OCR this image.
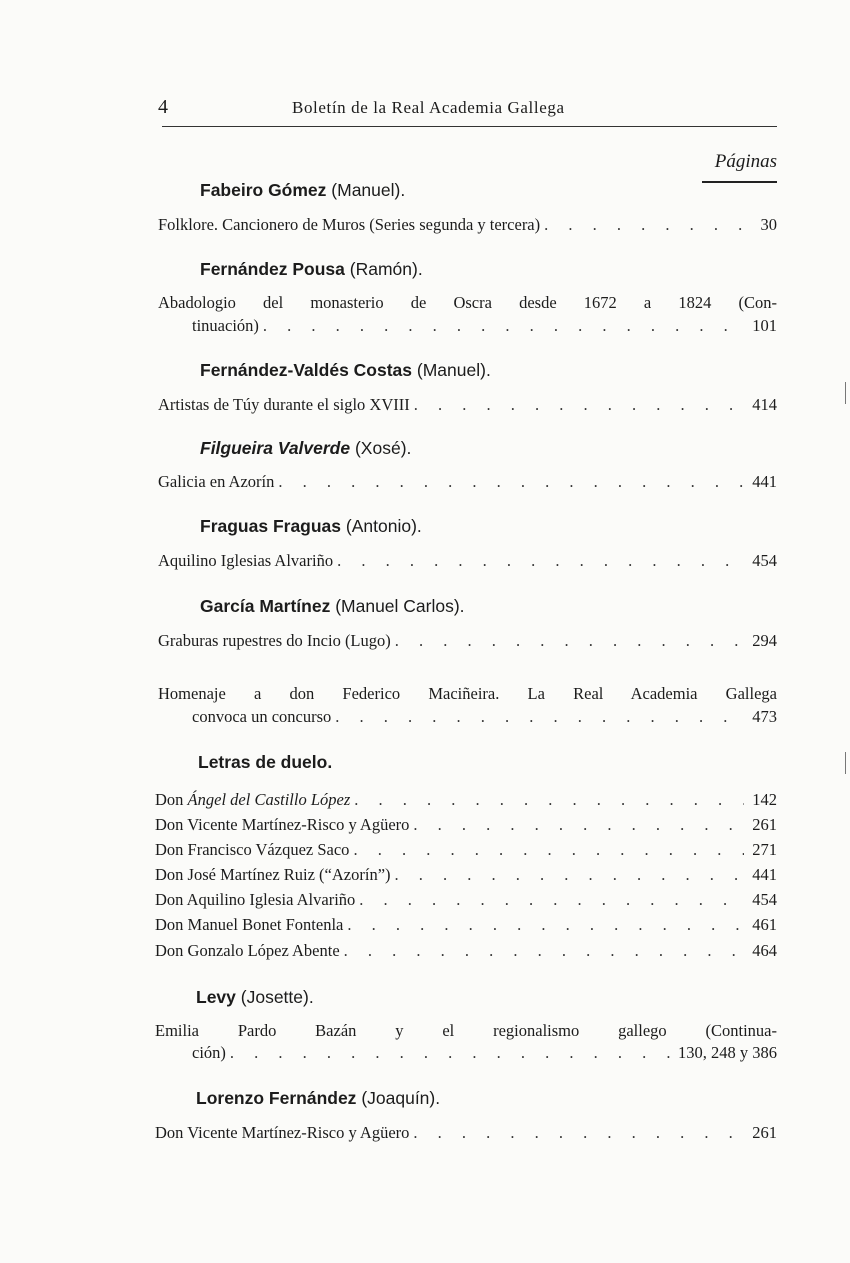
4	Boletín de la Real Academia Gallega
Páginas
Fabeiro Gómez (Manuel).
Folklore. Cancionero de Muros (Series segunda y tercera) . . .	30
Fernández Pousa (Ramón).
Abadologio del monasterio de Oscra desde 1672 a 1824 (Con-
tinuación) . . .	101
Fernández-Valdés Costas (Manuel).
Artistas de Túy durante el siglo XVIII . . .	414
Filgueira Valverde (Xosé).
Galicia en Azorín . . .	441
Fraguas Fraguas (Antonio).
Aquilino Iglesias Alvariño . . .	454
García Martínez (Manuel Carlos).
Graburas rupestres do Incio (Lugo) . . .	294
Homenaje a don Federico Maciñeira. La Real Academia Gallega
convoca un concurso . . .	473
Letras de duelo.
Don Ángel del Castillo López . . .	142
Don Vicente Martínez-Risco y Agüero . . .	261
Don Francisco Vázquez Saco . . .	271
Don José Martínez Ruiz (“Azorín”) . . .	441
Don Aquilino Iglesia Alvariño . . .	454
Don Manuel Bonet Fontenla . . .	461
Don Gonzalo López Abente . . .	464
Levy (Josette).
Emilia Pardo Bazán y el regionalismo gallego (Continua-
ción) . . .	130, 248 y 386
Lorenzo Fernández (Joaquín).
Don Vicente Martínez-Risco y Agüero . . .	261
